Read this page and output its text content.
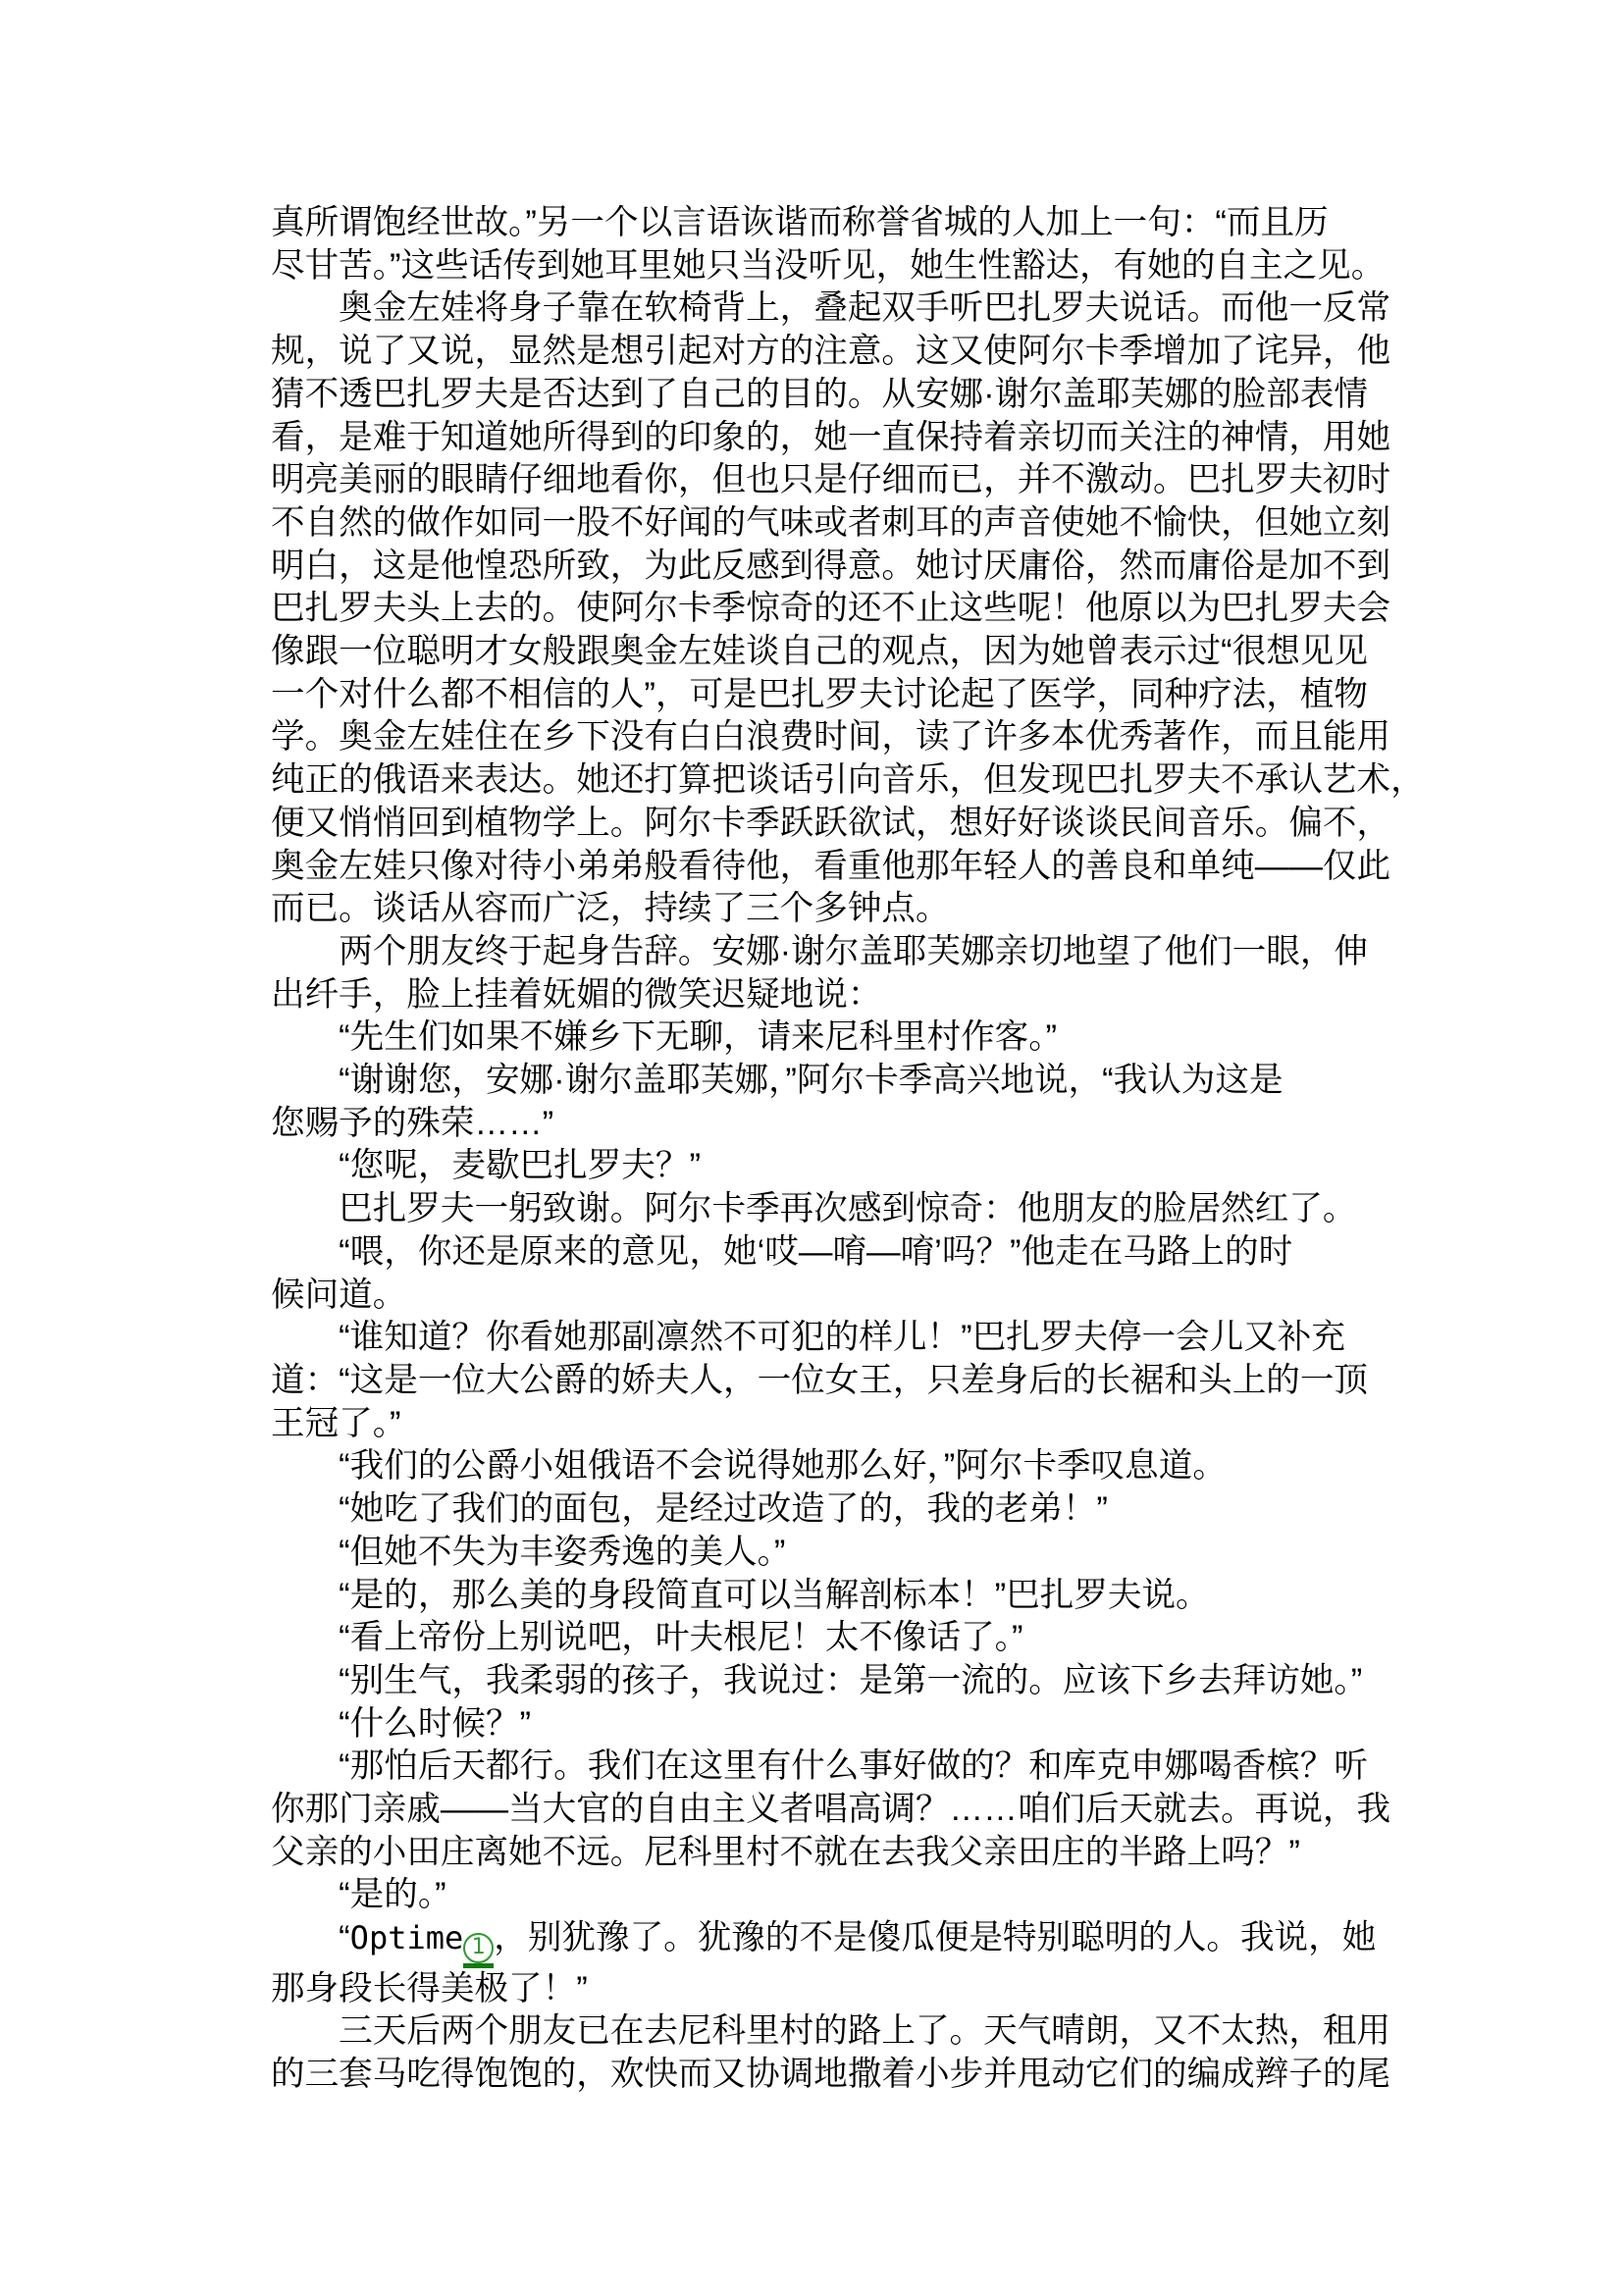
真所谓饱经世故。”另一个以言语诙谐而称誉省城的人加上一句：“而且历
尽甘苦。”这些话传到她耳里她只当没听见，她生性豁达，有她的自主之见。
　　奥金左娃将身子靠在软椅背上，叠起双手听巴扎罗夫说话。而他一反常
规，说了又说，显然是想引起对方的注意。这又使阿尔卡季增加了诧异，他
猜不透巴扎罗夫是否达到了自己的目的。从安娜·谢尔盖耶芙娜的脸部表情
看，是难于知道她所得到的印象的，她一直保持着亲切而关注的神情，用她
明亮美丽的眼睛仔细地看你，但也只是仔细而已，并不激动。巴扎罗夫初时
不自然的做作如同一股不好闻的气味或者刺耳的声音使她不愉快，但她立刻
明白，这是他惶恐所致，为此反感到得意。她讨厌庸俗，然而庸俗是加不到
巴扎罗夫头上去的。使阿尔卡季惊奇的还不止这些呢！他原以为巴扎罗夫会
像跟一位聪明才女般跟奥金左娃谈自己的观点，因为她曾表示过“很想见见
一个对什么都不相信的人”，可是巴扎罗夫讨论起了医学，同种疗法，植物
学。奥金左娃住在乡下没有白白浪费时间，读了许多本优秀著作，而且能用
纯正的俄语来表达。她还打算把谈话引向音乐，但发现巴扎罗夫不承认艺术，
便又悄悄回到植物学上。阿尔卡季跃跃欲试，想好好谈谈民间音乐。偏不，
奥金左娃只像对待小弟弟般看待他，看重他那年轻人的善良和单纯——仅此
而已。谈话从容而广泛，持续了三个多钟点。
　　两个朋友终于起身告辞。安娜·谢尔盖耶芙娜亲切地望了他们一眼，伸
出纤手，脸上挂着妩媚的微笑迟疑地说：
　　“先生们如果不嫌乡下无聊，请来尼科里村作客。”
　　“谢谢您，安娜·谢尔盖耶芙娜，”阿尔卡季高兴地说，“我认为这是
您赐予的殊荣……”
　　“您呢，麦歇巴扎罗夫？”
　　巴扎罗夫一躬致谢。阿尔卡季再次感到惊奇：他朋友的脸居然红了。
　　“喂，你还是原来的意见，她‘哎—唷—唷’吗？”他走在马路上的时
候问道。
　　“谁知道？你看她那副凛然不可犯的样儿！”巴扎罗夫停一会儿又补充
道：“这是一位大公爵的娇夫人，一位女王，只差身后的长裾和头上的一顶
王冠了。”
　　“我们的公爵小姐俄语不会说得她那么好，”阿尔卡季叹息道。
　　“她吃了我们的面包，是经过改造了的，我的老弟！”
　　“但她不失为丰姿秀逸的美人。”
　　“是的，那么美的身段简直可以当解剖标本！”巴扎罗夫说。
　　“看上帝份上别说吧，叶夫根尼！太不像话了。”
　　“别生气，我柔弱的孩子，我说过：是第一流的。应该下乡去拜访她。”
　　“什么时候？”
　　“那怕后天都行。我们在这里有什么事好做的？和库克申娜喝香槟？听
你那门亲戚——当大官的自由主义者唱高调？……咱们后天就去。再说，我
父亲的小田庄离她不远。尼科里村不就在去我父亲田庄的半路上吗？”
　　“是的。”
　　“Optime 1 ，别犹豫了。犹豫的不是傻瓜便是特别聪明的人。我说，她
那身段长得美极了！”
　　三天后两个朋友已在去尼科里村的路上了。天气晴朗，又不太热，租用
的三套马吃得饱饱的，欢快而又协调地撒着小步并甩动它们的编成辫子的尾
